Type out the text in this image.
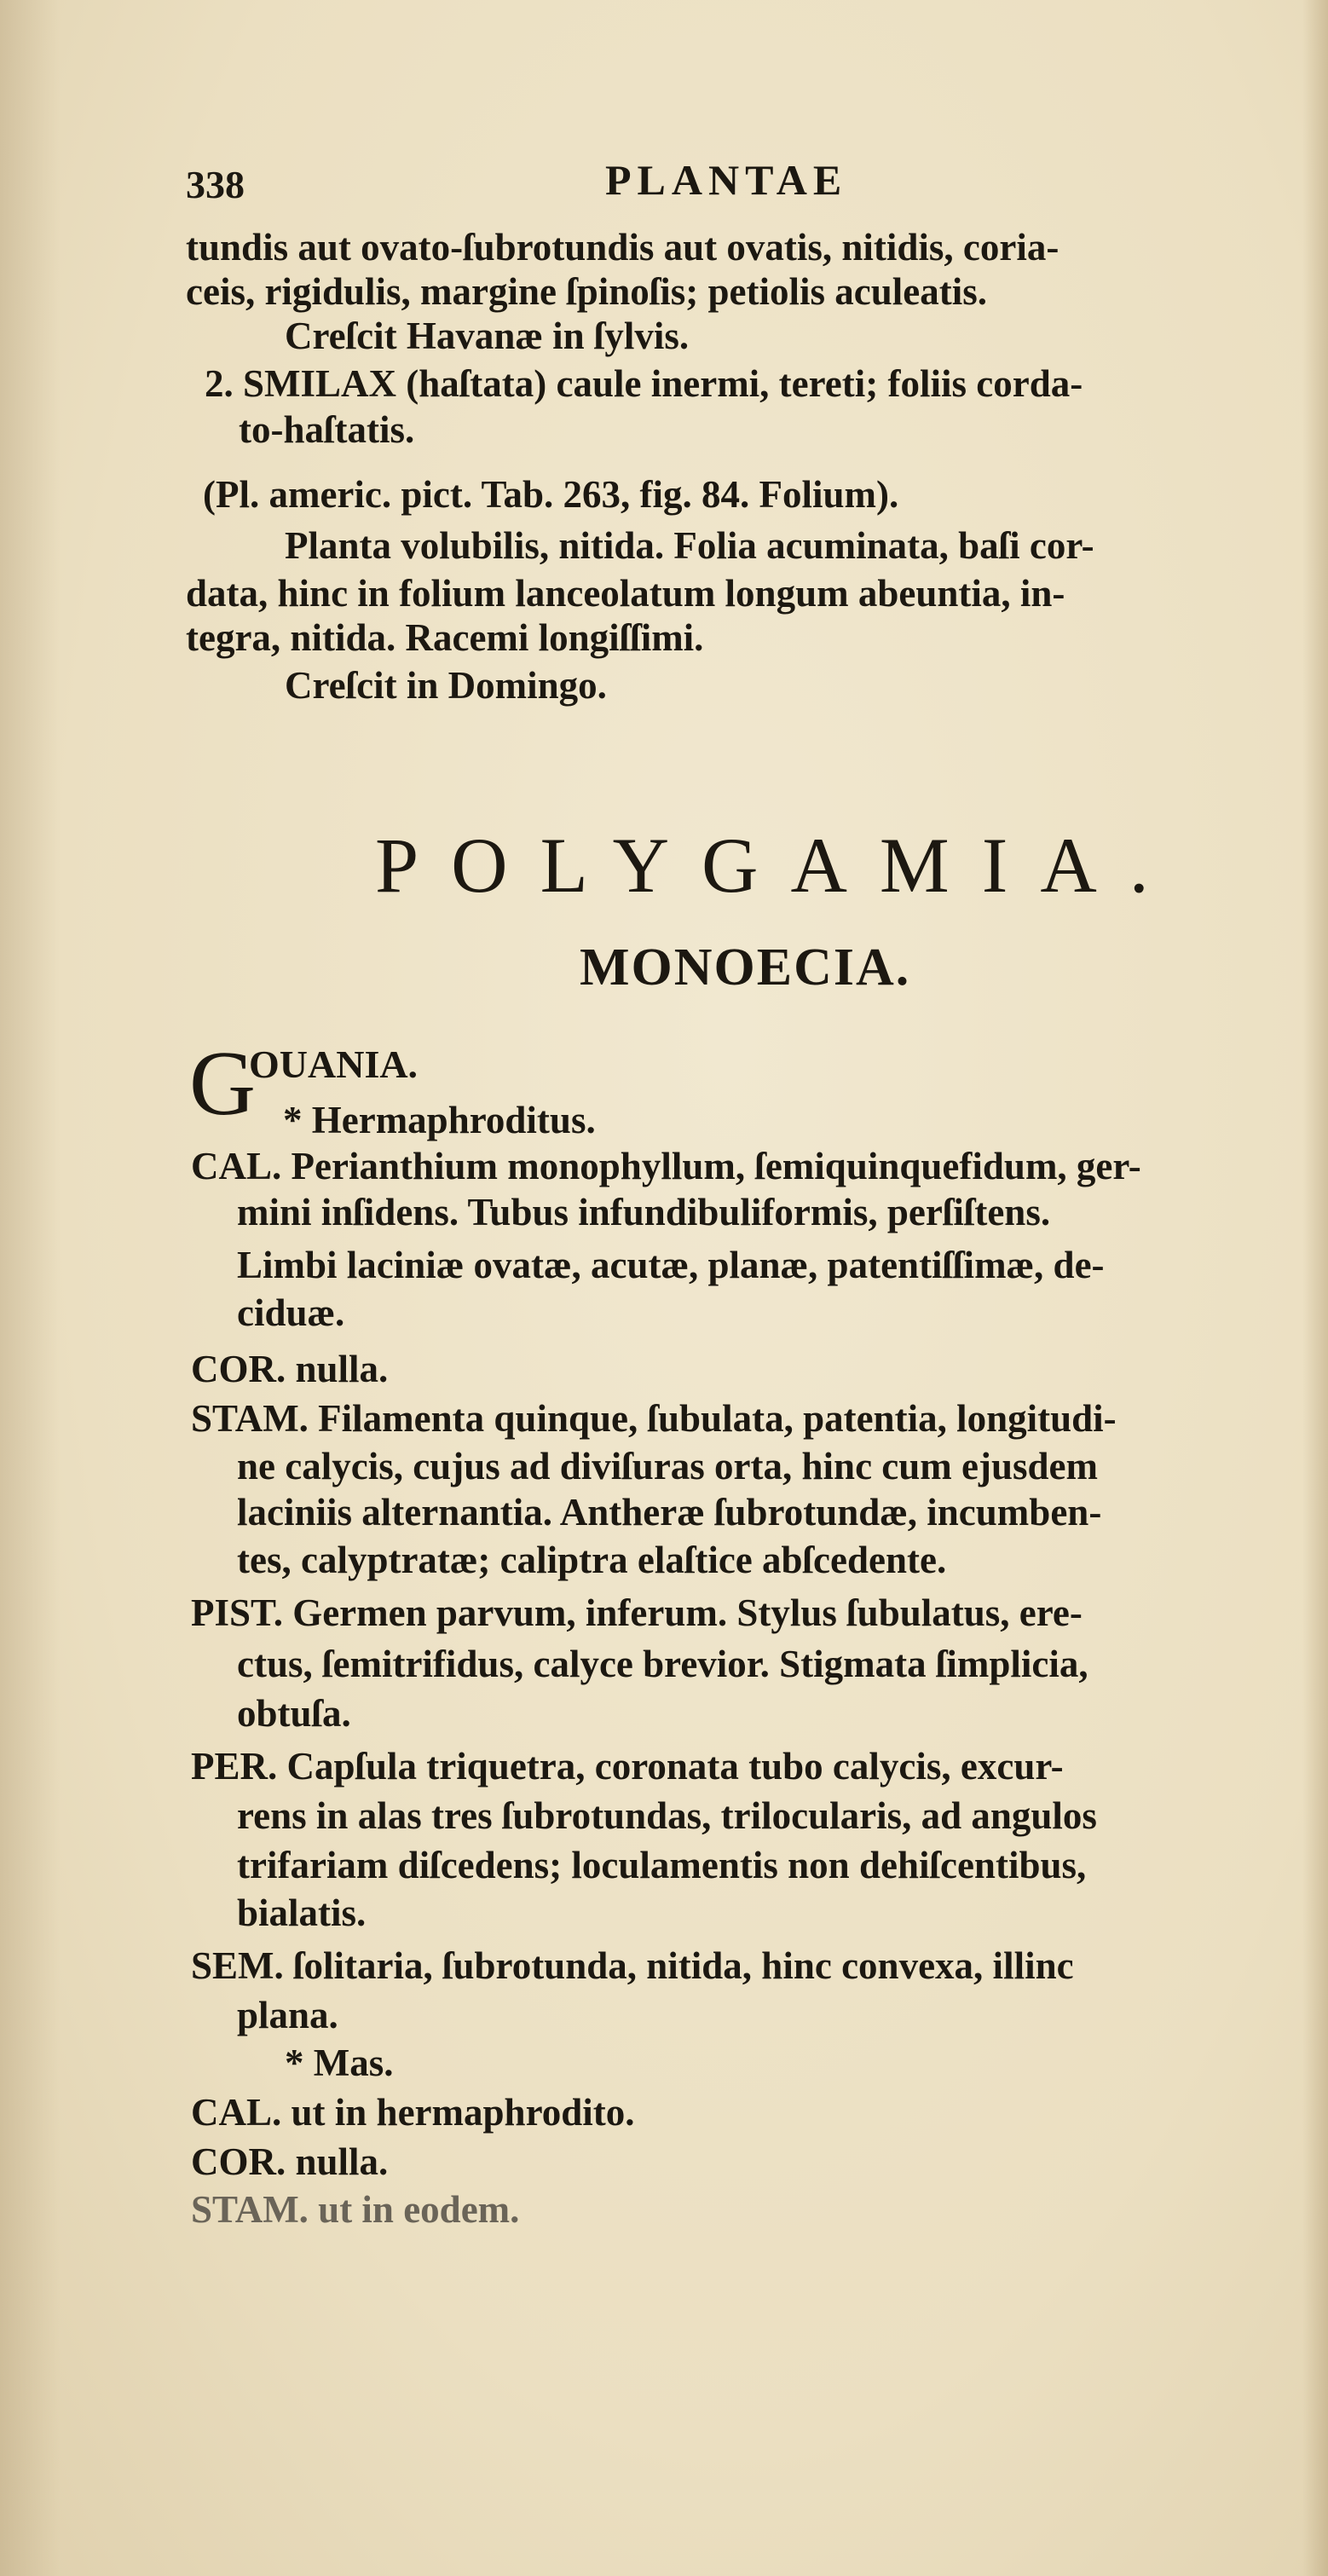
338	PLANTAE
tundis aut ovato-ſubrotundis aut ovatis, nitidis, coria-
ceis, rigidulis, margine ſpinoſis; petiolis aculeatis.
Creſcit Havanæ in ſylvis.
2. SMILAX (haſtata) caule inermi, tereti; foliis corda-
to-haſtatis.
(Pl. americ. pict. Tab. 263, fig. 84. Folium).
Planta volubilis, nitida. Folia acuminata, baſi cor-
data, hinc in folium lanceolatum longum abeuntia, in-
tegra, nitida. Racemi longiſſimi.
Creſcit in Domingo.
POLYGAMIA.
MONOECIA.
G
OUANIA.
* Hermaphroditus.
CAL. Perianthium monophyllum, ſemiquinquefidum, ger-
mini inſidens. Tubus infundibuliformis, perſiſtens.
Limbi laciniæ ovatæ, acutæ, planæ, patentiſſimæ, de-
ciduæ.
COR. nulla.
STAM. Filamenta quinque, ſubulata, patentia, longitudi-
ne calycis, cujus ad diviſuras orta, hinc cum ejusdem
laciniis alternantia. Antheræ ſubrotundæ, incumben-
tes, calyptratæ; caliptra elaſtice abſcedente.
PIST. Germen parvum, inferum. Stylus ſubulatus, ere-
ctus, ſemitrifidus, calyce brevior. Stigmata ſimplicia,
obtuſa.
PER. Capſula triquetra, coronata tubo calycis, excur-
rens in alas tres ſubrotundas, trilocularis, ad angulos
trifariam diſcedens; loculamentis non dehiſcentibus,
bialatis.
SEM. ſolitaria, ſubrotunda, nitida, hinc convexa, illinc
plana.
* Mas.
CAL. ut in hermaphrodito.
COR. nulla.
STAM. ut in eodem.
